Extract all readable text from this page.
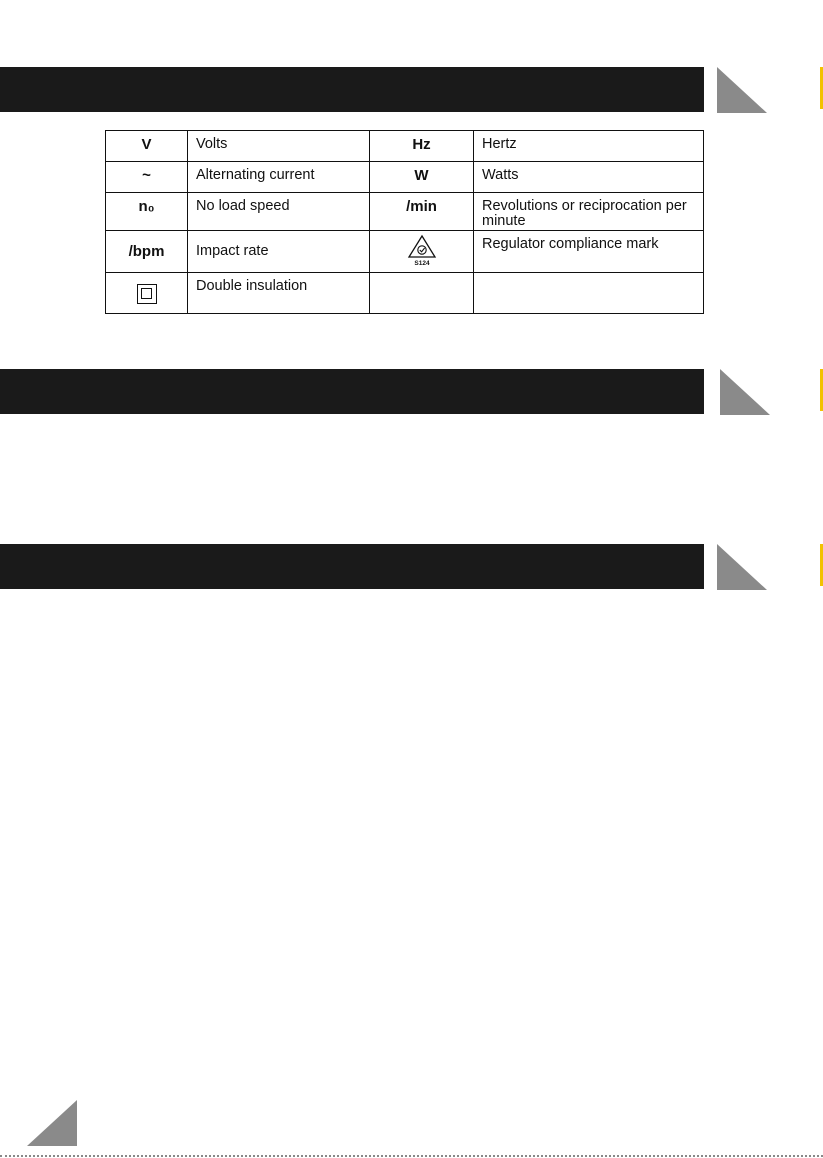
V	Volts	Hz	Hertz
~	Alternating current	W	Watts
n₀	No load speed	/min	Revolutions or reciprocation per minute
/bpm	Impact rate	S124	Regulator compliance mark
	Double insulation		
